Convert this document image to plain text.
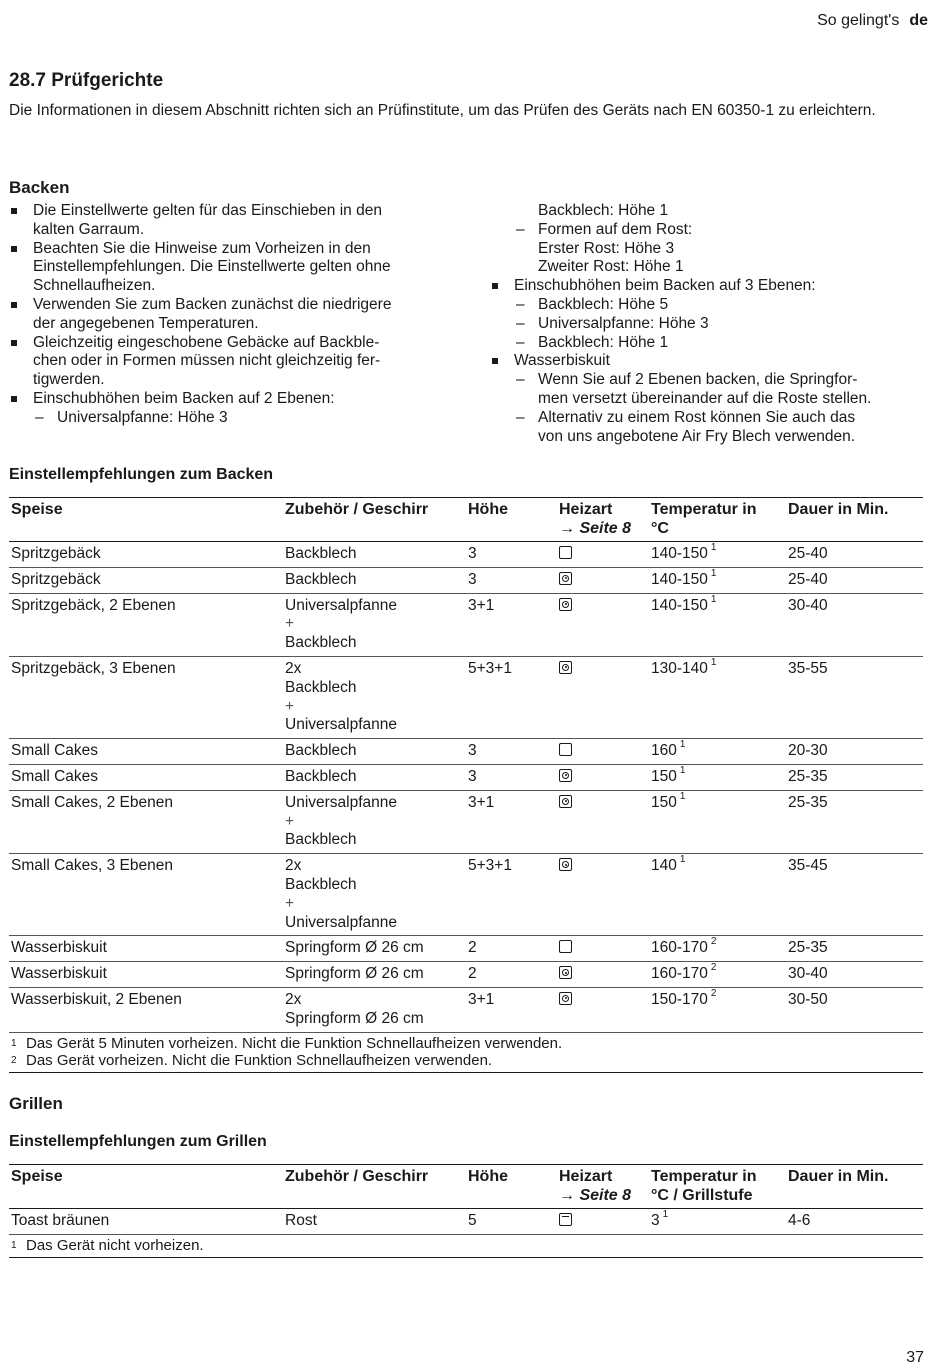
So gelingt's de
28.7 Prüfgerichte
Die Informationen in diesem Abschnitt richten sich an Prüfinstitute, um das Prüfen des Geräts nach EN 60350-1 zu erleichtern.
Backen
Die Einstellwerte gelten für das Einschieben in den
kalten Garraum.
Beachten Sie die Hinweise zum Vorheizen in den
Einstellempfehlungen. Die Einstellwerte gelten ohne
Schnellaufheizen.
Verwenden Sie zum Backen zunächst die niedrigere
der angegebenen Temperaturen.
Gleichzeitig eingeschobene Gebäcke auf Backble-
chen oder in Formen müssen nicht gleichzeitig fer-
tigwerden.
Einschubhöhen beim Backen auf 2 Ebenen:
– Universalpfanne: Höhe 3
Backblech: Höhe 1
– Formen auf dem Rost:
Erster Rost: Höhe 3
Zweiter Rost: Höhe 1
Einschubhöhen beim Backen auf 3 Ebenen:
– Backblech: Höhe 5
– Universalpfanne: Höhe 3
– Backblech: Höhe 1
Wasserbiskuit
– Wenn Sie auf 2 Ebenen backen, die Springfor-
men versetzt übereinander auf die Roste stellen.
– Alternativ zu einem Rost können Sie auch das
von uns angebotene Air Fry Blech verwenden.
Einstellempfehlungen zum Backen
Speise	Zubehör / Geschirr	Höhe	Heizart
→ Seite 8	Temperatur in
°C	Dauer in Min.
Spritzgebäck	Backblech	3		140-150 $^1$	25-40
Spritzgebäck	Backblech	3		140-150 $^1$	25-40
Spritzgebäck, 2 Ebenen	Universalpfanne
+
Backblech	3+1		140-150 $^1$	30-40
Spritzgebäck, 3 Ebenen	2x
Backblech
+
Universalpfanne	5+3+1		130-140 $^1$	35-55
Small Cakes	Backblech	3		160 $^1$	20-30
Small Cakes	Backblech	3		150 $^1$	25-35
Small Cakes, 2 Ebenen	Universalpfanne
+
Backblech	3+1		150 $^1$	25-35
Small Cakes, 3 Ebenen	2x
Backblech
+
Universalpfanne	5+3+1		140 $^1$	35-45
Wasserbiskuit	Springform Ø 26 cm	2		160-170 $^2$	25-35
Wasserbiskuit	Springform Ø 26 cm	2		160-170 $^2$	30-40
Wasserbiskuit, 2 Ebenen	2x
Springform Ø 26 cm	3+1		150-170 $^2$	30-50
1 Das Gerät 5 Minuten vorheizen. Nicht die Funktion Schnellaufheizen verwenden.
2 Das Gerät vorheizen. Nicht die Funktion Schnellaufheizen verwenden.					
Grillen
Einstellempfehlungen zum Grillen
Speise	Zubehör / Geschirr	Höhe	Heizart
→ Seite 8	Temperatur in
°C / Grillstufe	Dauer in Min.
Toast bräunen	Rost	5		3 $^1$	4-6
1 Das Gerät nicht vorheizen.					
37
